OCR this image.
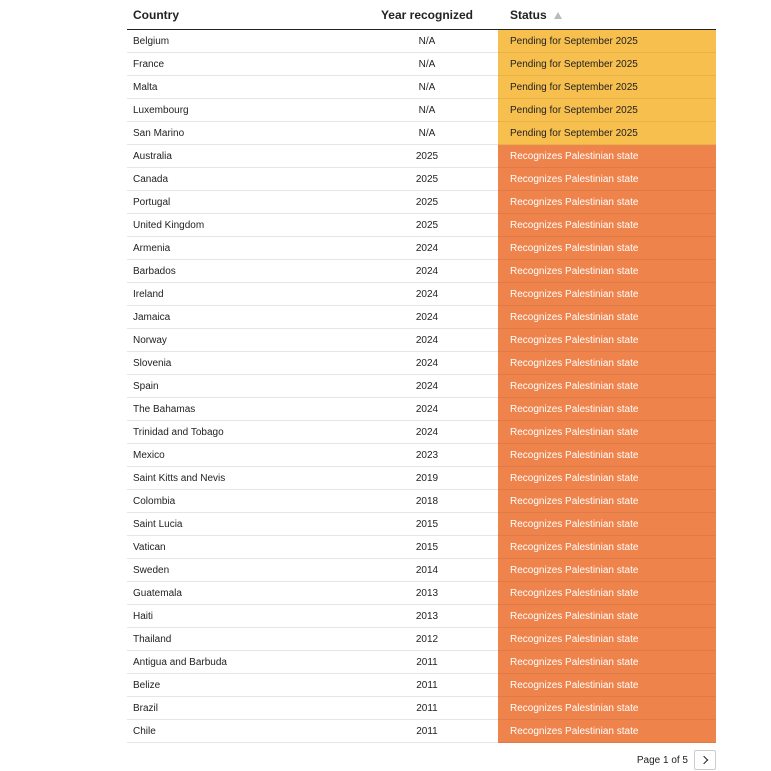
Country	Year recognized	Status
Belgium	N/A	Pending for September 2025
France	N/A	Pending for September 2025
Malta	N/A	Pending for September 2025
Luxembourg	N/A	Pending for September 2025
San Marino	N/A	Pending for September 2025
Australia	2025	Recognizes Palestinian state
Canada	2025	Recognizes Palestinian state
Portugal	2025	Recognizes Palestinian state
United Kingdom	2025	Recognizes Palestinian state
Armenia	2024	Recognizes Palestinian state
Barbados	2024	Recognizes Palestinian state
Ireland	2024	Recognizes Palestinian state
Jamaica	2024	Recognizes Palestinian state
Norway	2024	Recognizes Palestinian state
Slovenia	2024	Recognizes Palestinian state
Spain	2024	Recognizes Palestinian state
The Bahamas	2024	Recognizes Palestinian state
Trinidad and Tobago	2024	Recognizes Palestinian state
Mexico	2023	Recognizes Palestinian state
Saint Kitts and Nevis	2019	Recognizes Palestinian state
Colombia	2018	Recognizes Palestinian state
Saint Lucia	2015	Recognizes Palestinian state
Vatican	2015	Recognizes Palestinian state
Sweden	2014	Recognizes Palestinian state
Guatemala	2013	Recognizes Palestinian state
Haiti	2013	Recognizes Palestinian state
Thailand	2012	Recognizes Palestinian state
Antigua and Barbuda	2011	Recognizes Palestinian state
Belize	2011	Recognizes Palestinian state
Brazil	2011	Recognizes Palestinian state
Chile	2011	Recognizes Palestinian state
Page 1 of 5
